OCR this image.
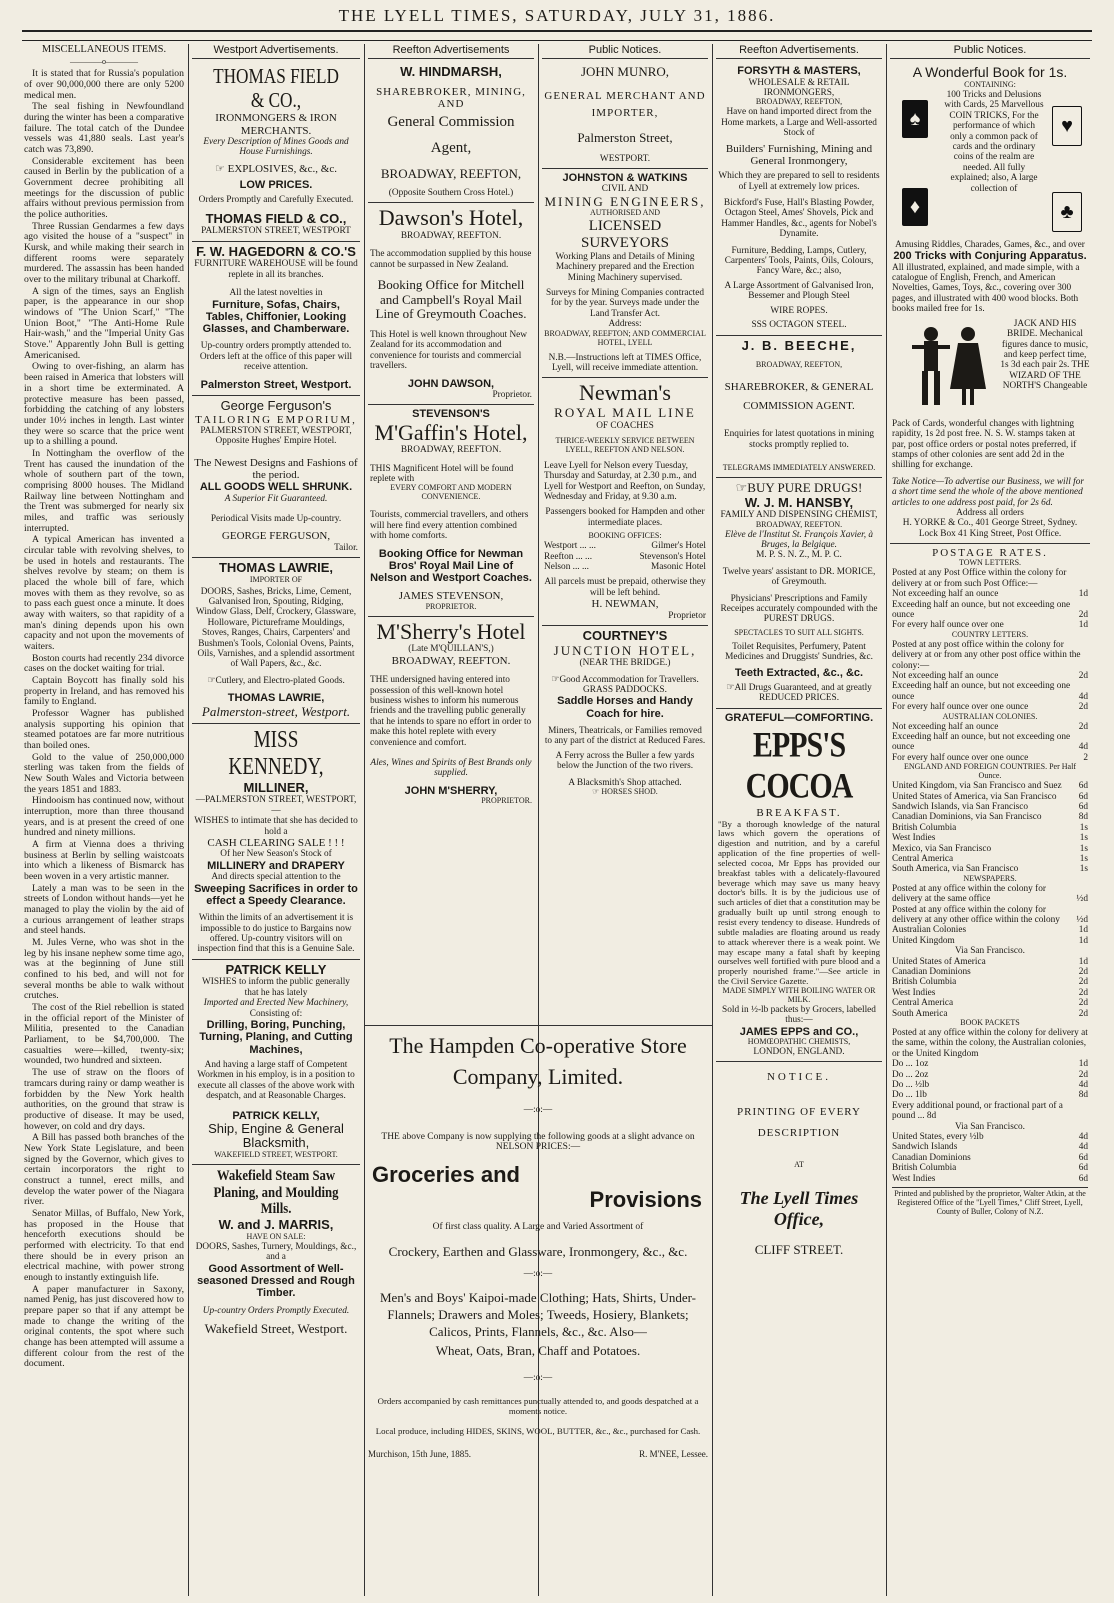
THE LYELL TIMES, SATURDAY, JULY 31, 1886.
MISCELLANEOUS ITEMS.
————o————

It is stated that for Russia's population of over 90,000,000 there are only 5200 medical men.

The seal fishing in Newfoundland during the winter has been a comparative failure. The total catch of the Dundee vessels was 41,880 seals. Last year's catch was 73,890.

Considerable excitement has been caused in Berlin by the publication of a Government decree prohibiting all meetings for the discussion of public affairs without previous permission from the police authorities.

Three Russian Gendarmes a few days ago visited the house of a "suspect" in Kursk, and while making their search in different rooms were separately murdered. The assassin has been handed over to the military tribunal at Charkoff.

A sign of the times, says an English paper, is the appearance in our shop windows of "The Union Scarf," "The Union Boot," "The Anti-Home Rule Hair-wash," and the "Imperial Unity Gas Stove." Apparently John Bull is getting Americanised.

Owing to over-fishing, an alarm has been raised in America that lobsters will in a short time be exterminated. A protective measure has been passed, forbidding the catching of any lobsters under 10½ inches in length. Last winter they were so scarce that the price went up to a shilling a pound.

In Nottingham the overflow of the Trent has caused the inundation of the whole of southern part of the town, comprising 8000 houses. The Midland Railway line between Nottingham and the Trent was submerged for nearly six miles, and traffic was seriously interrupted.

A typical American has invented a circular table with revolving shelves, to be used in hotels and restaurants. The shelves revolve by steam; on them is placed the whole bill of fare, which moves with them as they revolve, so as to pass each guest once a minute. It does away with waiters, so that rapidity of a man's dining depends upon his own capacity and not upon the movements of waiters.

Boston courts had recently 234 divorce cases on the docket waiting for trial.

Captain Boycott has finally sold his property in Ireland, and has removed his family to England.

Professor Wagner has published analysis supporting his opinion that steamed potatoes are far more nutritious than boiled ones.

Gold to the value of 250,000,000 sterling was taken from the fields of New South Wales and Victoria between the years 1851 and 1883.

Hindooism has continued now, without interruption, more than three thousand years, and is at present the creed of one hundred and ninety millions.

A firm at Vienna does a thriving business at Berlin by selling waistcoats into which a likeness of Bismarck has been woven in a very artistic manner.

Lately a man was to be seen in the streets of London without hands—yet he managed to play the violin by the aid of a curious arrangement of leather straps and steel hands.

M. Jules Verne, who was shot in the leg by his insane nephew some time ago, was at the beginning of June still confined to his bed, and will not for several months be able to walk without crutches.

The cost of the Riel rebellion is stated in the official report of the Minister of Militia, presented to the Canadian Parliament, to be $4,700,000. The casualties were—killed, twenty-six; wounded, two hundred and sixteen.

The use of straw on the floors of tramcars during rainy or damp weather is forbidden by the New York health authorities, on the ground that straw is productive of disease. It may be used, however, on cold and dry days.

A Bill has passed both branches of the New York State Legislature, and been signed by the Governor, which gives to certain incorporators the right to construct a tunnel, erect mills, and develop the water power of the Niagara river.

Senator Millas, of Buffalo, New York, has proposed in the House that henceforth executions should be performed with electricity. To that end there should be in every prison an electrical machine, with power strong enough to instantly extinguish life.

A paper manufacturer in Saxony, named Penig, has just discovered how to prepare paper so that if any attempt be made to change the writing of the original contents, the spot where such change has been attempted will assume a different colour from the rest of the document.

Westport Advertisements.
THOMAS FIELD & CO.,
IRONMONGERS & IRON MERCHANTS.
Every Description of Mines Goods and House Furnishings.
☞ EXPLOSIVES, &c., &c.
LOW PRICES.
Orders Promptly and Carefully Executed.
THOMAS FIELD & CO.,
PALMERSTON STREET, WESTPORT
F. W. HAGEDORN & CO.'S
FURNITURE WAREHOUSE will be found replete in all its branches.
All the latest novelties in
Furniture, Sofas, Chairs, Tables, Chiffonier, Looking Glasses, and Chamberware.
Up-country orders promptly attended to. Orders left at the office of this paper will receive attention.
Palmerston Street, Westport.
George Ferguson's
TAILORING EMPORIUM,
PALMERSTON STREET, WESTPORT,
Opposite Hughes' Empire Hotel.
The Newest Designs and Fashions of the period.
ALL GOODS WELL SHRUNK.
A Superior Fit Guaranteed.
Periodical Visits made Up-country.
GEORGE FERGUSON,
Tailor.
THOMAS LAWRIE,
IMPORTER OF
DOORS, Sashes, Bricks, Lime, Cement, Galvanised Iron, Spouting, Ridging, Window Glass, Delf, Crockery, Glassware, Holloware, Pictureframe Mouldings, Stoves, Ranges, Chairs, Carpenters' and Bushmen's Tools, Colonial Ovens, Paints, Oils, Varnishes, and a splendid assortment of Wall Papers, &c., &c.
☞Cutlery, and Electro-plated Goods.
THOMAS LAWRIE,
Palmerston-street, Westport.
MISS KENNEDY,
MILLINER,
—PALMERSTON STREET, WESTPORT,—
WISHES to intimate that she has decided to hold a
CASH CLEARING SALE ! ! !
Of her New Season's Stock of
MILLINERY and DRAPERY
And directs special attention to the
Sweeping Sacrifices in order to effect a Speedy Clearance.
Within the limits of an advertisement it is impossible to do justice to Bargains now offered. Up-country visitors will on inspection find that this is a Genuine Sale.
PATRICK KELLY
WISHES to inform the public generally that he has lately
Imported and Erected New Machinery,
Consisting of:
Drilling, Boring, Punching, Turning, Planing, and Cutting Machines,
And having a large staff of Competent Workmen in his employ, is in a position to execute all classes of the above work with despatch, and at Reasonable Charges.
PATRICK KELLY,
Ship, Engine & General Blacksmith,
WAKEFIELD STREET, WESTPORT.
Wakefield Steam Saw Planing, and Moulding Mills.
W. and J. MARRIS,
HAVE ON SALE:
DOORS, Sashes, Turnery, Mouldings, &c., and a
Good Assortment of Well-seasoned Dressed and Rough Timber.
Up-country Orders Promptly Executed.
Wakefield Street, Westport.
Reefton Advertisements
W. HINDMARSH,
SHAREBROKER, MINING, AND
General Commission Agent,
BROADWAY, REEFTON,
(Opposite Southern Cross Hotel.)
Dawson's Hotel,
BROADWAY, REEFTON.
The accommodation supplied by this house cannot be surpassed in New Zealand.
Booking Office for Mitchell and Campbell's Royal Mail Line of Greymouth Coaches.
This Hotel is well known throughout New Zealand for its accommodation and convenience for tourists and commercial travellers.
JOHN DAWSON,
Proprietor.
STEVENSON'S
M'Gaffin's Hotel,
BROADWAY, REEFTON.
THIS Magnificent Hotel will be found replete with
EVERY COMFORT AND MODERN CONVENIENCE.
Tourists, commercial travellers, and others will here find every attention combined with home comforts.
Booking Office for Newman Bros' Royal Mail Line of Nelson and Westport Coaches.
JAMES STEVENSON,
PROPRIETOR.
M'Sherry's Hotel
(Late M'QUILLAN'S,)
BROADWAY, REEFTON.
THE undersigned having entered into possession of this well-known hotel business wishes to inform his numerous friends and the travelling public generally that he intends to spare no effort in order to make this hotel replete with every convenience and comfort.
Ales, Wines and Spirits of Best Brands only supplied.
JOHN M'SHERRY,
PROPRIETOR.
Public Notices.
JOHN MUNRO,
GENERAL MERCHANT AND IMPORTER,
Palmerston Street,
WESTPORT.
JOHNSTON & WATKINS
CIVIL AND
MINING ENGINEERS,
AUTHORISED AND
LICENSED SURVEYORS
Working Plans and Details of Mining Machinery prepared and the Erection Mining Machinery supervised.
Surveys for Mining Companies contracted for by the year. Surveys made under the Land Transfer Act.
Address:
BROADWAY, REEFTON; AND COMMERCIAL HOTEL, LYELL
N.B.—Instructions left at TIMES Office, Lyell, will receive immediate attention.
Newman's
ROYAL MAIL LINE
OF COACHES
THRICE-WEEKLY SERVICE BETWEEN LYELL, REEFTON AND NELSON.
Leave Lyell for Nelson every Tuesday, Thursday and Saturday, at 2.30 p.m., and Lyell for Westport and Reefton, on Sunday, Wednesday and Friday, at 9.30 a.m.
Passengers booked for Hampden and other intermediate places.
BOOKING OFFICES:
Westport ... ...	Gilmer's Hotel
Reefton ... ...	Stevenson's Hotel
Nelson ... ...	Masonic Hotel
All parcels must be prepaid, otherwise they will be left behind.
H. NEWMAN,
Proprietor
COURTNEY'S
JUNCTION HOTEL,
(NEAR THE BRIDGE.)
☞Good Accommodation for Travellers.
GRASS PADDOCKS.
Saddle Horses and Handy Coach for hire.
Miners, Theatricals, or Families removed to any part of the district at Reduced Fares.
A Ferry across the Buller a few yards below the Junction of the two rivers.
A Blacksmith's Shop attached.
☞ HORSES SHOD.
The Hampden Co-operative Store
Company, Limited.
—:o:—
THE above Company is now supplying the following goods at a slight advance on NELSON PRICES:—
Groceries and
Provisions
Of first class quality. A Large and Varied Assortment of
Crockery, Earthen and Glassware, Ironmongery, &c., &c.
—:o:—
Men's and Boys' Kaipoi-made Clothing; Hats, Shirts, Under-Flannels; Drawers and Moles; Tweeds, Hosiery, Blankets; Calicos, Prints, Flannels, &c., &c. Also—
Wheat, Oats, Bran, Chaff and Potatoes.
—:o:—
Orders accompanied by cash remittances punctually attended to, and goods despatched at a moments notice.
Local produce, including HIDES, SKINS, WOOL, BUTTER, &c., &c., purchased for Cash.
Murchison, 15th June, 1885.	R. M'NEE, Lessee.
Reefton Advertisements.
FORSYTH & MASTERS,
WHOLESALE & RETAIL IRONMONGERS,
BROADWAY, REEFTON,
Have on hand imported direct from the Home markets, a Large and Well-assorted Stock of
Builders' Furnishing, Mining and General Ironmongery,
Which they are prepared to sell to residents of Lyell at extremely low prices.
Bickford's Fuse, Hall's Blasting Powder, Octagon Steel, Ames' Shovels, Pick and Hammer Handles, &c., agents for Nobel's Dynamite.
Furniture, Bedding, Lamps, Cutlery, Carpenters' Tools, Paints, Oils, Colours, Fancy Ware, &c.; also,
A Large Assortment of Galvanised Iron, Bessemer and Plough Steel
WIRE ROPES.
SSS OCTAGON STEEL.
J. B. BEECHE,
BROADWAY, REEFTON,
SHAREBROKER, & GENERAL COMMISSION AGENT.
Enquiries for latest quotations in mining stocks promptly replied to.
TELEGRAMS IMMEDIATELY ANSWERED.
☞BUY PURE DRUGS!
W. J. M. HANSBY,
FAMILY AND DISPENSING CHEMIST,
BROADWAY, REEFTON.
Elève de l'Institut St. François Xavier, à Bruges, la Belgique.
M. P. S. N. Z., M. P. C.
Twelve years' assistant to DR. MORICE, of Greymouth.
Physicians' Prescriptions and Family Receipes accurately compounded with the PUREST DRUGS.
SPECTACLES TO SUIT ALL SIGHTS.
Toilet Requisites, Perfumery, Patent Medicines and Druggists' Sundries, &c.
Teeth Extracted, &c., &c.
☞All Drugs Guaranteed, and at greatly REDUCED PRICES.
GRATEFUL—COMFORTING.
EPPS'S COCOA
BREAKFAST.
"By a thorough knowledge of the natural laws which govern the operations of digestion and nutrition, and by a careful application of the fine properties of well-selected cocoa, Mr Epps has provided our breakfast tables with a delicately-flavoured beverage which may save us many heavy doctor's bills. It is by the judicious use of such articles of diet that a constitution may be gradually built up until strong enough to resist every tendency to disease. Hundreds of subtle maladies are floating around us ready to attack wherever there is a weak point. We may escape many a fatal shaft by keeping ourselves well fortified with pure blood and a properly nourished frame."—See article in the Civil Service Gazette.
MADE SIMPLY WITH BOILING WATER OR MILK.
Sold in ½-lb packets by Grocers, labelled thus:—
JAMES EPPS and CO.,
HOMŒOPATHIC CHEMISTS,
LONDON, ENGLAND.
NOTICE.
PRINTING OF EVERY DESCRIPTION
AT
The Lyell Times Office,
CLIFF STREET.
Public Notices.
A Wonderful Book for 1s.
CONTAINING:
♠
♦
♥
♣
100 Tricks and Delusions with Cards, 25 Marvellous COIN TRICKS, For the performance of which only a common pack of cards and the ordinary coins of the realm are needed. All fully explained; also, A large collection of
Amusing Riddles, Charades, Games, &c., and over
200 Tricks with Conjuring Apparatus.
All illustrated, explained, and made simple, with a catalogue of English, French, and American Novelties, Games, Toys, &c., covering over 300 pages, and illustrated with 400 wood blocks. Both books mailed free for 1s.
JACK AND HIS BRIDE. Mechanical figures dance to music, and keep perfect time, 1s 3d each pair 2s. THE WIZARD OF THE NORTH'S Changeable
Pack of Cards, wonderful changes with lightning rapidity, 1s 2d post free. N. S. W. stamps taken at par, post office orders or postal notes preferred, if stamps of other colonies are sent add 2d in the shilling for exchange.
Take Notice—To advertise our Business, we will for a short time send the whole of the above mentioned articles to one address post paid, for 2s 6d.
Address all orders
H. YORKE & Co., 401 George Street, Sydney.
Lock Box 41 King Street, Post Office.
POSTAGE RATES.
TOWN LETTERS.
Posted at any Post Office within the colony for delivery at or from such Post Office:—
Not exceeding half an ounce	1d
Exceeding half an ounce, but not exceeding one ounce	2d
For every half ounce over one	1d
COUNTRY LETTERS.
Posted at any post office within the colony for delivery at or from any other post office within the colony:—
Not exceeding half an ounce	2d
Exceeding half an ounce, but not exceeding one ounce	4d
For every half ounce over one ounce	2d
AUSTRALIAN COLONIES.
Not exceeding half an ounce	2d
Exceeding half an ounce, but not exceeding one ounce	4d
For every half ounce over one ounce	2
ENGLAND AND FOREIGN COUNTRIES. Per Half Ounce.
United Kingdom, via San Francisco and Suez	6d
United States of America, via San Francisco	6d
Sandwich Islands, via San Francisco	6d
Canadian Dominions, via San Francisco	8d
British Columbia	1s
West Indies	1s
Mexico, via San Francisco	1s
Central America	1s
South America, via San Francisco	1s
NEWSPAPERS.
Posted at any office within the colony for delivery at the same office	½d
Posted at any office within the colony for delivery at any other office within the colony	½d
Australian Colonies	1d
United Kingdom	1d
Via San Francisco.
United States of America	1d
Canadian Dominions	2d
British Columbia	2d
West Indies	2d
Central America	2d
South America	2d
BOOK PACKETS
Posted at any office within the colony for delivery at the same, within the colony, the Australian colonies, or the United Kingdom
Do ... 1oz	1d
Do ... 2oz	2d
Do ... ½lb	4d
Do ... 1lb	8d
Every additional pound, or fractional part of a pound ... 8d
Via San Francisco.
United States, every ½lb	4d
Sandwich Islands	4d
Canadian Dominions	6d
British Columbia	6d
West Indies	6d
Printed and published by the proprietor, Walter Atkin, at the Registered Office of the "Lyell Times," Cliff Street, Lyell, County of Buller, Colony of N.Z.
